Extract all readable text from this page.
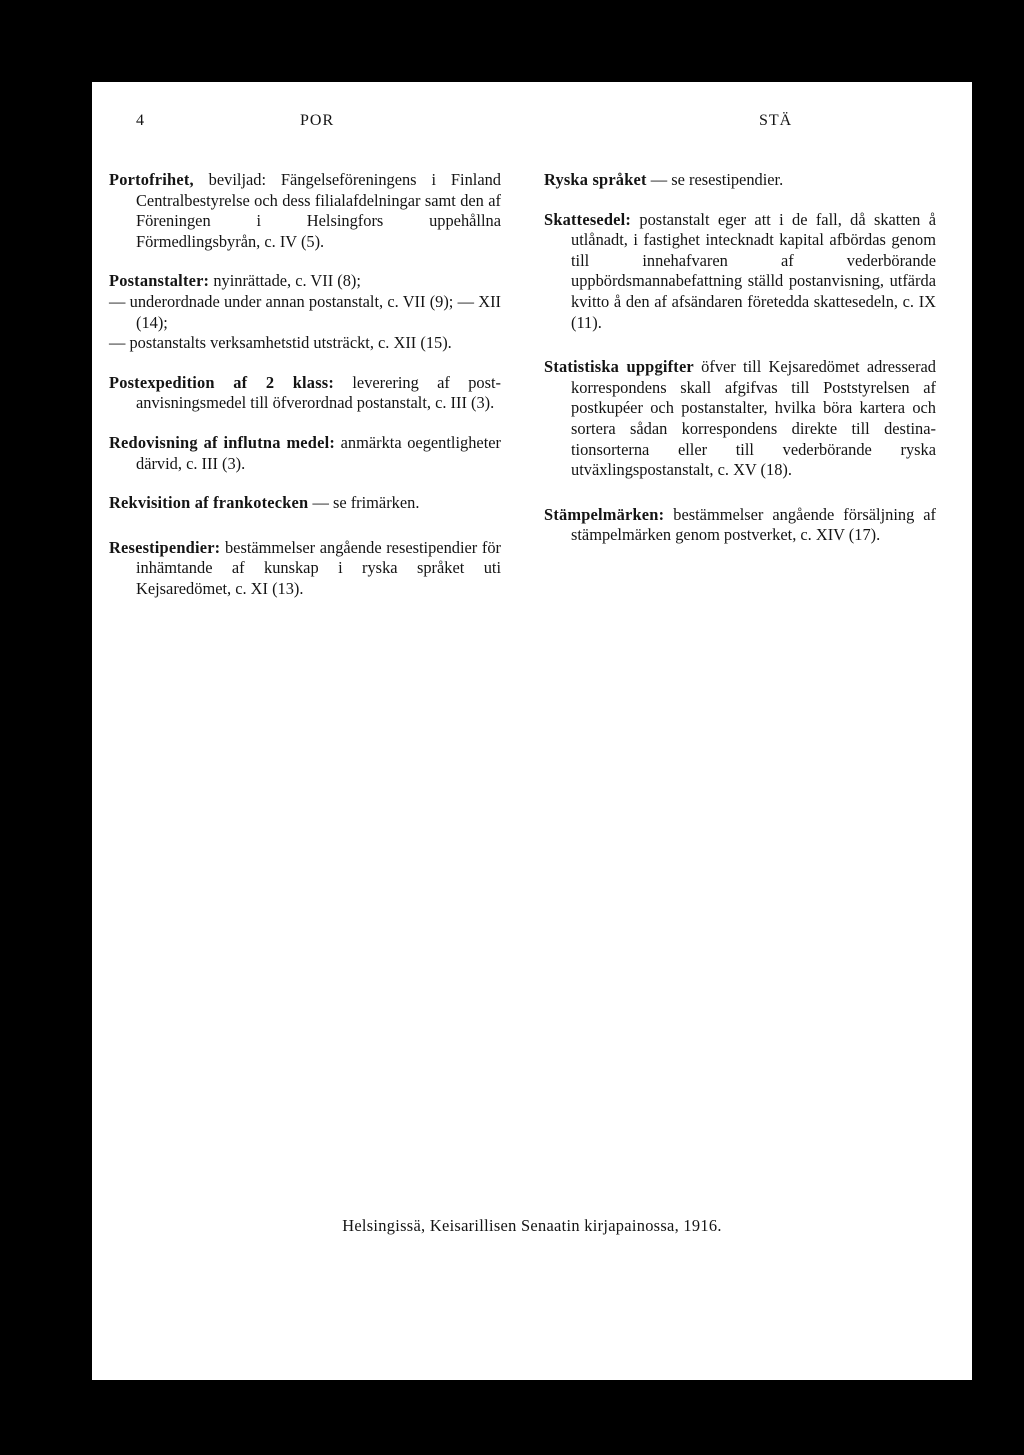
4	POR	STÄ

Portofrihet, beviljad: Fängelseföreningens i Finland Centralbestyrelse och dess filialafdelningar samt den af Föreningen i Helsingfors uppehållna Förmedlingsbyrån, c. IV (5).

Postanstalter: nyinrättade, c. VII (8);
— underordnade under annan postanstalt, c. VII (9); — XII (14);
— postanstalts verksamhetstid utsträckt, c. XII (15).

Postexpedition af 2 klass: leverering af postanvisningsmedel till öfverordnad postanstalt, c. III (3).

Redovisning af influtna medel: anmärkta oegentligheter därvid, c. III (3).

Rekvisition af frankotecken — se frimärken.

Resestipendier: bestämmelser angående resestipendier för inhämtande af kunskap i ryska språket uti Kejsaredömet, c. XI (13).

Ryska språket — se resestipendier.

Skattesedel: postanstalt eger att i de fall, då skatten å utlånadt, i fastighet intecknadt kapital afbördas genom till innehafvaren af vederbörande uppbördsmannabefattning ställd postanvisning, utfärda kvitto å den af afsändaren företedda skattesedeln, c. IX (11).

Statistiska uppgifter öfver till Kejsaredömet adresserad korrespondens skall afgifvas till Poststyrelsen af postkupéer och postanstalter, hvilka böra kartera och sortera sådan korrespondens direkte till destinationsorterna eller till vederbörande ryska utväxlingspostanstalt, c. XV (18).

Stämpelmärken: bestämmelser angående försäljning af stämpelmärken genom postverket, c. XIV (17).

Helsingissä, Keisarillisen Senaatin kirjapainossa, 1916.
